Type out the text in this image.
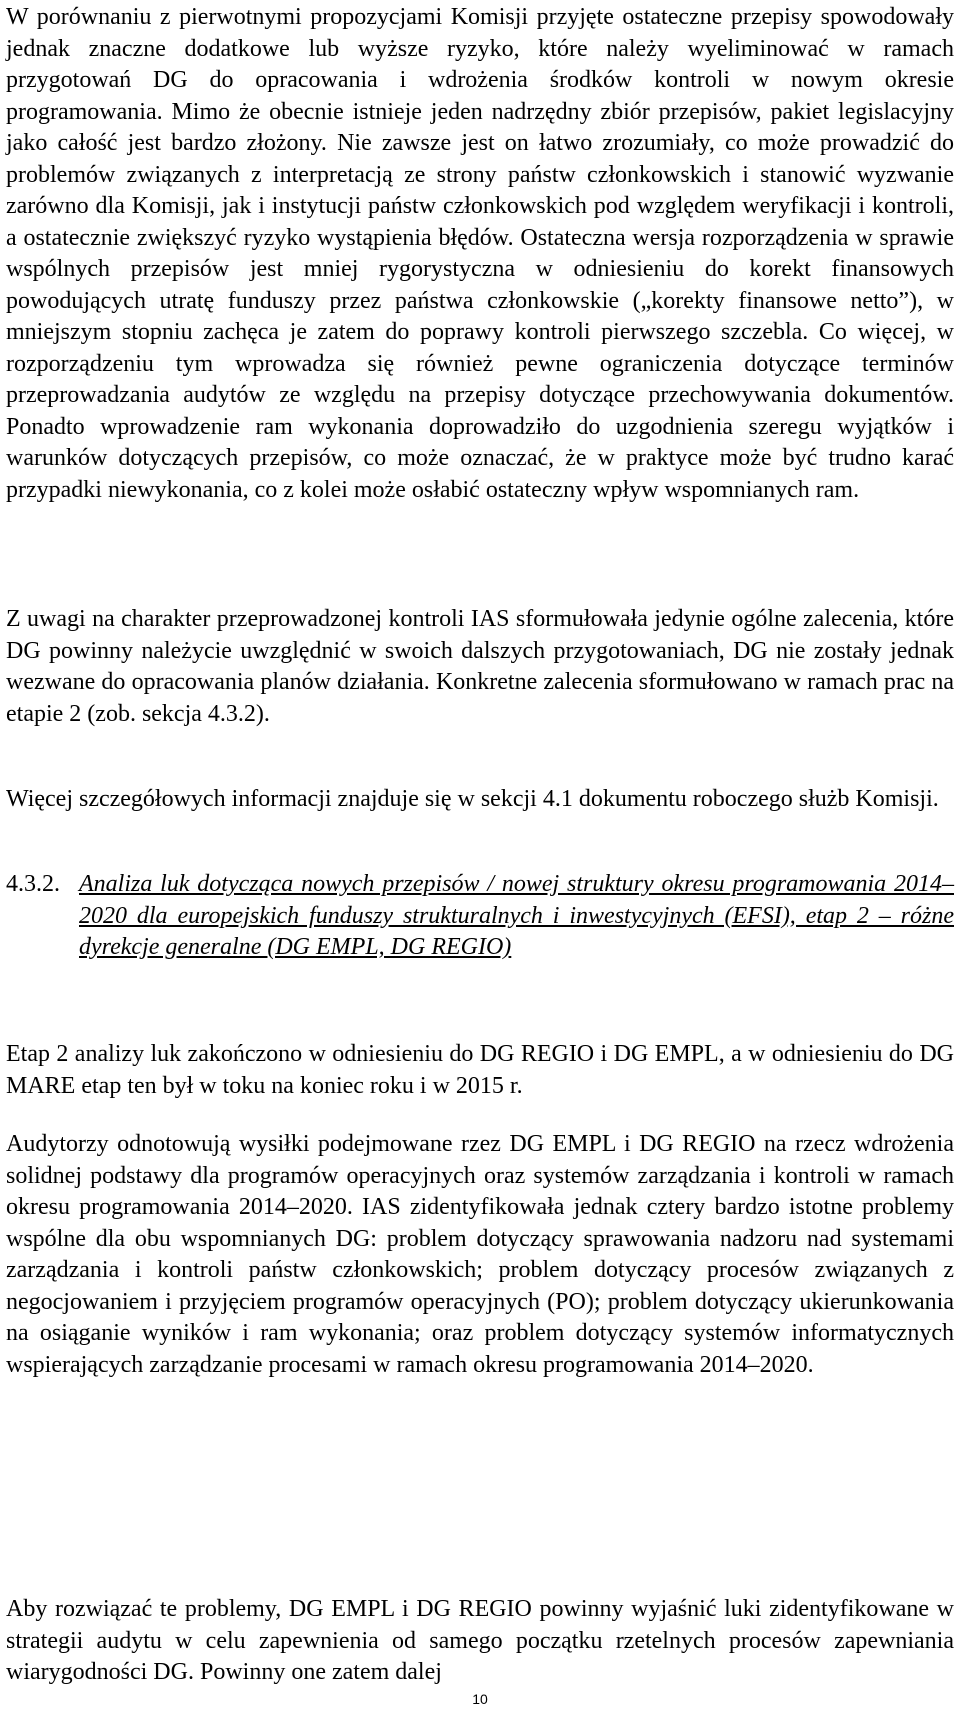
W porównaniu z pierwotnymi propozycjami Komisji przyjęte ostateczne przepisy spowodowały jednak znaczne dodatkowe lub wyższe ryzyko, które należy wyeliminować w ramach przygotowań DG do opracowania i wdrożenia środków kontroli w nowym okresie programowania. Mimo że obecnie istnieje jeden nadrzędny zbiór przepisów, pakiet legislacyjny jako całość jest bardzo złożony. Nie zawsze jest on łatwo zrozumiały, co może prowadzić do problemów związanych z interpretacją ze strony państw członkowskich i stanowić wyzwanie zarówno dla Komisji, jak i instytucji państw członkowskich pod względem weryfikacji i kontroli, a ostatecznie zwiększyć ryzyko wystąpienia błędów. Ostateczna wersja rozporządzenia w sprawie wspólnych przepisów jest mniej rygorystyczna w odniesieniu do korekt finansowych powodujących utratę funduszy przez państwa członkowskie („korekty finansowe netto”), w mniejszym stopniu zachęca je zatem do poprawy kontroli pierwszego szczebla. Co więcej, w rozporządzeniu tym wprowadza się również pewne ograniczenia dotyczące terminów przeprowadzania audytów ze względu na przepisy dotyczące przechowywania dokumentów. Ponadto wprowadzenie ram wykonania doprowadziło do uzgodnienia szeregu wyjątków i warunków dotyczących przepisów, co może oznaczać, że w praktyce może być trudno karać przypadki niewykonania, co z kolei może osłabić ostateczny wpływ wspomnianych ram.

Z uwagi na charakter przeprowadzonej kontroli IAS sformułowała jedynie ogólne zalecenia, które DG powinny należycie uwzględnić w swoich dalszych przygotowaniach, DG nie zostały jednak wezwane do opracowania planów działania. Konkretne zalecenia sformułowano w ramach prac na etapie 2 (zob. sekcja 4.3.2).

Więcej szczegółowych informacji znajduje się w sekcji 4.1 dokumentu roboczego służb Komisji.

4.3.2. Analiza luk dotycząca nowych przepisów / nowej struktury okresu programowania 2014–2020 dla europejskich funduszy strukturalnych i inwestycyjnych (EFSI), etap 2 – różne dyrekcje generalne (DG EMPL, DG REGIO)

Etap 2 analizy luk zakończono w odniesieniu do DG REGIO i DG EMPL, a w odniesieniu do DG MARE etap ten był w toku na koniec roku i w 2015 r.

Audytorzy odnotowują wysiłki podejmowane rzez DG EMPL i DG REGIO na rzecz wdrożenia solidnej podstawy dla programów operacyjnych oraz systemów zarządzania i kontroli w ramach okresu programowania 2014–2020. IAS zidentyfikowała jednak cztery bardzo istotne problemy wspólne dla obu wspomnianych DG: problem dotyczący sprawowania nadzoru nad systemami zarządzania i kontroli państw członkowskich; problem dotyczący procesów związanych z negocjowaniem i przyjęciem programów operacyjnych (PO); problem dotyczący ukierunkowania na osiąganie wyników i ram wykonania; oraz problem dotyczący systemów informatycznych wspierających zarządzanie procesami w ramach okresu programowania 2014–2020.

Aby rozwiązać te problemy, DG EMPL i DG REGIO powinny wyjaśnić luki zidentyfikowane w strategii audytu w celu zapewnienia od samego początku rzetelnych procesów zapewniania wiarygodności DG. Powinny one zatem dalej

10
